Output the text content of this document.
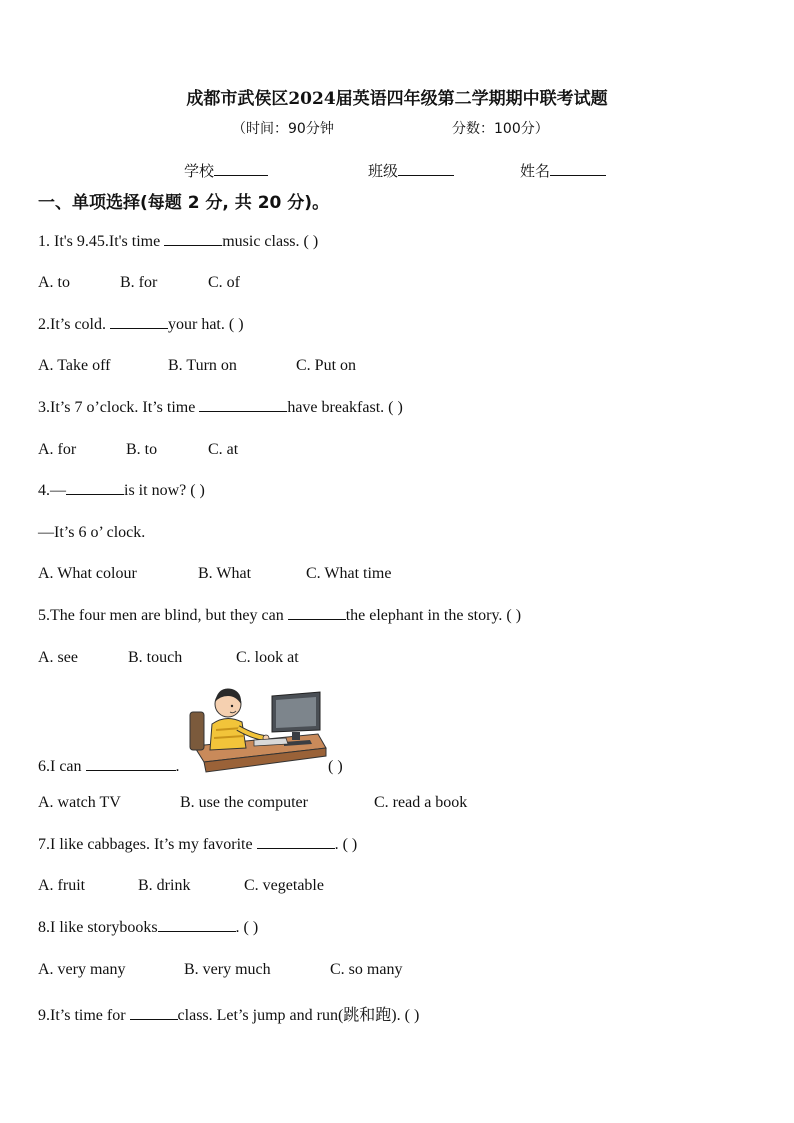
成都市武侯区2024届英语四年级第二学期期中联考试题
（时间：90分钟	分数：100分）
学校	班级	姓名
一、单项选择(每题 2 分, 共 20 分)。
1. It's 9.45.It's time	music class. ( )
A. to	B. for	C. of
2.It’s cold.	your hat. ( )
A. Take off	B. Turn on	C. Put on
3.It’s 7 o’clock. It’s time	have breakfast. ( )
A. for	B. to	C. at
4.—	is it now? ( )
—It’s 6 o’ clock.
A. What colour	B. What	C. What time
5.The four men are blind, but they can	the elephant in the story. ( )
A. see	B. touch	C. look at
6.I can	.	( )
A. watch TV	B. use the computer	C. read a book
7.I like cabbages. It’s my favorite	. ( )
A. fruit	B. drink	C. vegetable
8.I like storybooks	. ( )
A. very many	B. very much	C. so many
9.It’s time for	class. Let’s jump and run(跳和跑). ( )
